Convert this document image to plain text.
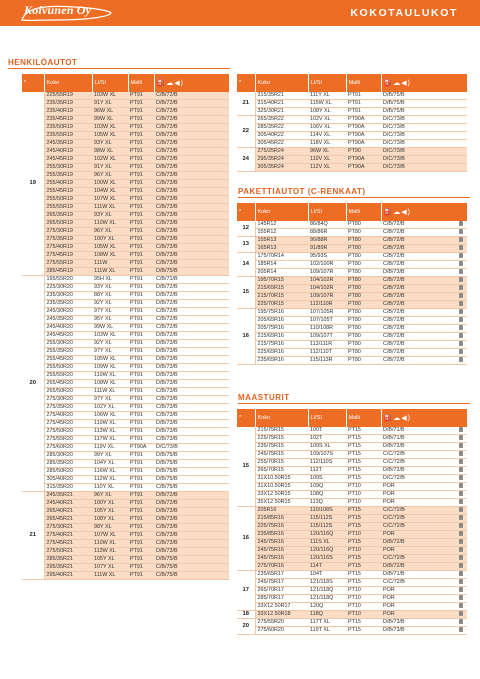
Koivunen Oy	KOKOTAULUKOT
HENKILÖAUTOT
*	Koko	LI/SI	Malli	⛽☁◀)
19	225/55R19	103W XL	PT91	C/B/72/B
	235/35R19	91Y XL	PT91	D/B/72/B
	235/40R19	96W XL	PT91	C/B/72/B
	235/45R19	99W XL	PT91	C/B/72/B
	235/50R19	103W XL	PT91	C/B/72/B
	235/55R19	105W XL	PT91	D/B/72/B
	245/35R19	93Y XL	PT91	C/B/72/B
	245/40R19	98W XL	PT91	C/B/72/B
	245/45R19	102W XL	PT91	C/B/72/B
	255/30R19	91Y XL	PT91	D/B/72/B
	255/35R19	96Y XL	PT91	C/B/73/B
	255/40R19	100W XL	PT91	C/B/73/B
	255/45R19	104W XL	PT91	C/B/73/B
	255/50R19	107W XL	PT91	C/B/73/B
	255/55R19	111W XL	PT91	C/B/73/B
	265/35R19	93Y XL	PT91	C/B/73/B
	265/50R19	110W XL	PT91	C/B/73/B
	275/30R19	96Y XL	PT91	C/B/73/B
	275/35R19	100Y XL	PT91	C/B/73/B
	275/40R19	105W XL	PT91	C/B/73/B
	275/45R19	108W XL	PT91	D/B/73/B
	275/55R19	111W	PT91	C/B/73/B
	285/45R19	111W XL	PT91	D/B/75/B
20	195/55R20	95H XL	PT91	C/B/71/B
	225/30R20	93Y XL	PT91	D/B/72/B
	235/30R20	88Y XL	PT91	D/B/72/B
	235/35R20	92Y XL	PT91	D/B/72/B
	245/30R20	97Y XL	PT91	C/B/72/B
	245/35R20	95Y XL	PT91	C/B/72/B
	245/40R20	99W XL	PT91	C/B/72/B
	245/45R20	103W XL	PT91	D/B/72/B
	255/30R20	92Y XL	PT91	D/B/73/B
	255/35R20	97Y XL	PT91	D/B/73/B
	255/45R20	105W XL	PT91	D/B/73/B
	255/50R20	109W XL	PT91	D/B/73/B
	255/55R20	110W XL	PT91	D/B/73/B
	265/45R20	108W XL	PT91	D/B/73/B
	265/50R20	111W XL	PT91	C/B/73/B
	275/30R20	97Y XL	PT91	C/B/73/B
	275/35R20	102Y XL	PT91	C/B/73/B
	275/40R20	106W XL	PT91	C/B/73/B
	275/45R20	110W XL	PT91	D/B/73/B
	275/50R20	113W XL	PT91	D/B/73/B
	275/55R20	117W XL	PT91	C/B/73/B
	275/60R20	119V XL	PT90A	D/C/73/B
	285/30R20	99Y XL	PT91	D/B/75/B
	285/35R20	104Y XL	PT91	D/B/75/B
	285/50R20	116W XL	PT91	D/B/75/B
	305/40R20	112W XL	PT91	D/B/75/B
	315/35R20	110Y XL	PT91	C/B/75/B
21	245/35R21	96Y XL	PT91	D/B/72/B
	245/40R21	100Y XL	PT91	D/B/72/B
	265/40R21	105Y XL	PT91	D/B/73/B
	265/45R21	108Y XL	PT91	D/B/73/B
	275/30R21	98Y XL	PT91	C/B/73/B
	275/40R21	107W XL	PT91	C/B/73/B
	275/45R21	110W XL	PT91	C/B/73/B
	275/50R21	113W XL	PT91	D/B/73/B
	285/35R21	105Y XL	PT91	D/B/75/B
	295/35R21	107Y XL	PT91	C/B/75/B
	295/40R21	111W XL	PT91	C/B/75/B
*	Koko	LI/SI	Malli	⛽☁◀)
21	315/35R21	111Y XL	PT91	D/B/75/B
	315/40R21	115W XL	PT91	D/B/75/B
	325/30R21	108Y XL	PT91	D/B/75/B
22	265/35R22	102V XL	PT90A	D/C/73/B
	285/35R22	106V XL	PT90A	D/C/73/B
	305/40R22	114V XL	PT90A	D/C/73/B
	305/45R22	118V XL	PT90A	D/C/73/B
24	275/25R24	96W XL	PT90	D/C/73/B
	295/35R24	110V XL	PT90A	D/C/73/B
	305/35R24	112V XL	PT90A	D/C/73/B
PAKETTIAUTOT (C-RENKAAT)
*	Koko	LI/SI	Malli	⛽☁◀)
12	145R12	86/84Q	PT80	C/B/72/B

	155R12	88/86R	PT80	C/B/72/B

13	155R13	90/88R	PT80	C/B/72/B

	165R13	91/89R	PT80	C/B/72/B

14	175/70R14	95/93S	PT80	C/B/72/B

	185R14	102/100R	PT80	C/B/72/B

	205R14	109/107R	PT80	D/B/73/B

15	195/70R15	104/102R	PT80	C/B/72/B

	215/65R15	104/102R	PT80	C/B/72/B

	215/70R15	109/107R	PT80	C/B/72/B

	225/70R15	112/110R	PT80	C/B/72/B

16	195/75R16	107/105R	PT80	C/B/72/B

	205/65R16	107/105T	PT80	C/B/72/B

	205/75R16	110/108R	PT80	C/B/72/B

	215/65R16	109/107T	PT80	C/B/72/B

	215/75R16	113/111R	PT80	C/B/72/B

	225/65R16	112/110T	PT80	C/B/72/B

	235/65R16	115/113R	PT80	C/B/72/B
MAASTURIT
*	Koko	LI/SI	Malli	⛽☁◀)
15	215/75R15	100T	PT15	D/B/71/B

	225/75R15	102T	PT15	D/B/71/B

	235/75R15	109S XL	PT15	D/B/72/B

	245/75R15	109/107S	PT15	C/C/72/B

	255/70R15	112/110S	PT15	C/C/72/B

	265/70R15	112T	PT15	D/B/72/B

	31X10.50R15	109S	PT15	D/C/72/B

	31X10.50R15	109Q	PT10	POR

	33X12.50R15	108Q	PT10	POR

	35X12.50R15	113Q	PT10	POR

16	205R16	110/108S	PT15	C/C/72/B

	215/85R16	115/112S	PT15	C/C/72/B

	225/75R16	115/112S	PT15	C/C/72/B

	235/85R16	120/116Q	PT10	POR

	245/75R16	111S XL	PT15	D/B/72/B

	245/75R16	120/116Q	PT10	POR

	245/75R16	120/116S	PT15	C/C/72/B

	275/70R16	114T	PT15	D/B/72/B

17	235/65R17	104T	PT15	D/B/71/B

	245/75R17	121/118S	PT15	C/C/72/B

	265/70R17	121/118Q	PT10	POR

	285/70R17	121/118Q	PT10	POR

	33X12.50R17	120Q	PT10	POR

18	33X12.50R18	118Q	PT10	POR

20	275/55R20	117T XL	PT15	D/B/73/B

	275/60R20	119T XL	PT15	D/B/73/B
